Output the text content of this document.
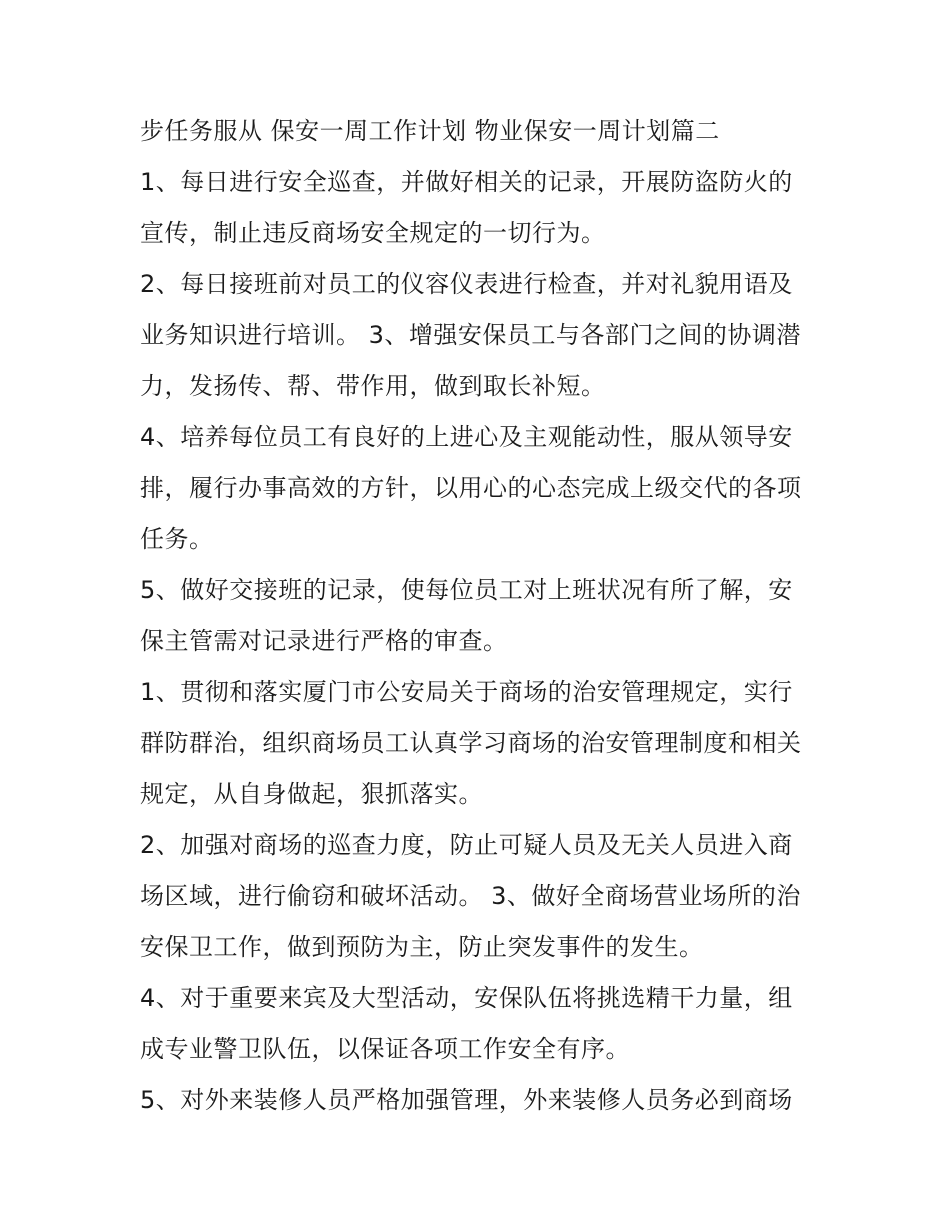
步任务服从 保安一周工作计划 物业保安一周计划篇二
1、每日进行安全巡查，并做好相关的记录，开展防盗防火的
宣传，制止违反商场安全规定的一切行为。
2、每日接班前对员工的仪容仪表进行检查，并对礼貌用语及
业务知识进行培训。 3、增强安保员工与各部门之间的协调潜
力，发扬传、帮、带作用，做到取长补短。
4、培养每位员工有良好的上进心及主观能动性，服从领导安
排，履行办事高效的方针，以用心的心态完成上级交代的各项
任务。
5、做好交接班的记录，使每位员工对上班状况有所了解，安
保主管需对记录进行严格的审查。
1、贯彻和落实厦门市公安局关于商场的治安管理规定，实行
群防群治，组织商场员工认真学习商场的治安管理制度和相关
规定，从自身做起，狠抓落实。
2、加强对商场的巡查力度，防止可疑人员及无关人员进入商
场区域，进行偷窃和破坏活动。 3、做好全商场营业场所的治
安保卫工作，做到预防为主，防止突发事件的发生。
4、对于重要来宾及大型活动，安保队伍将挑选精干力量，组
成专业警卫队伍，以保证各项工作安全有序。
5、对外来装修人员严格加强管理，外来装修人员务必到商场
